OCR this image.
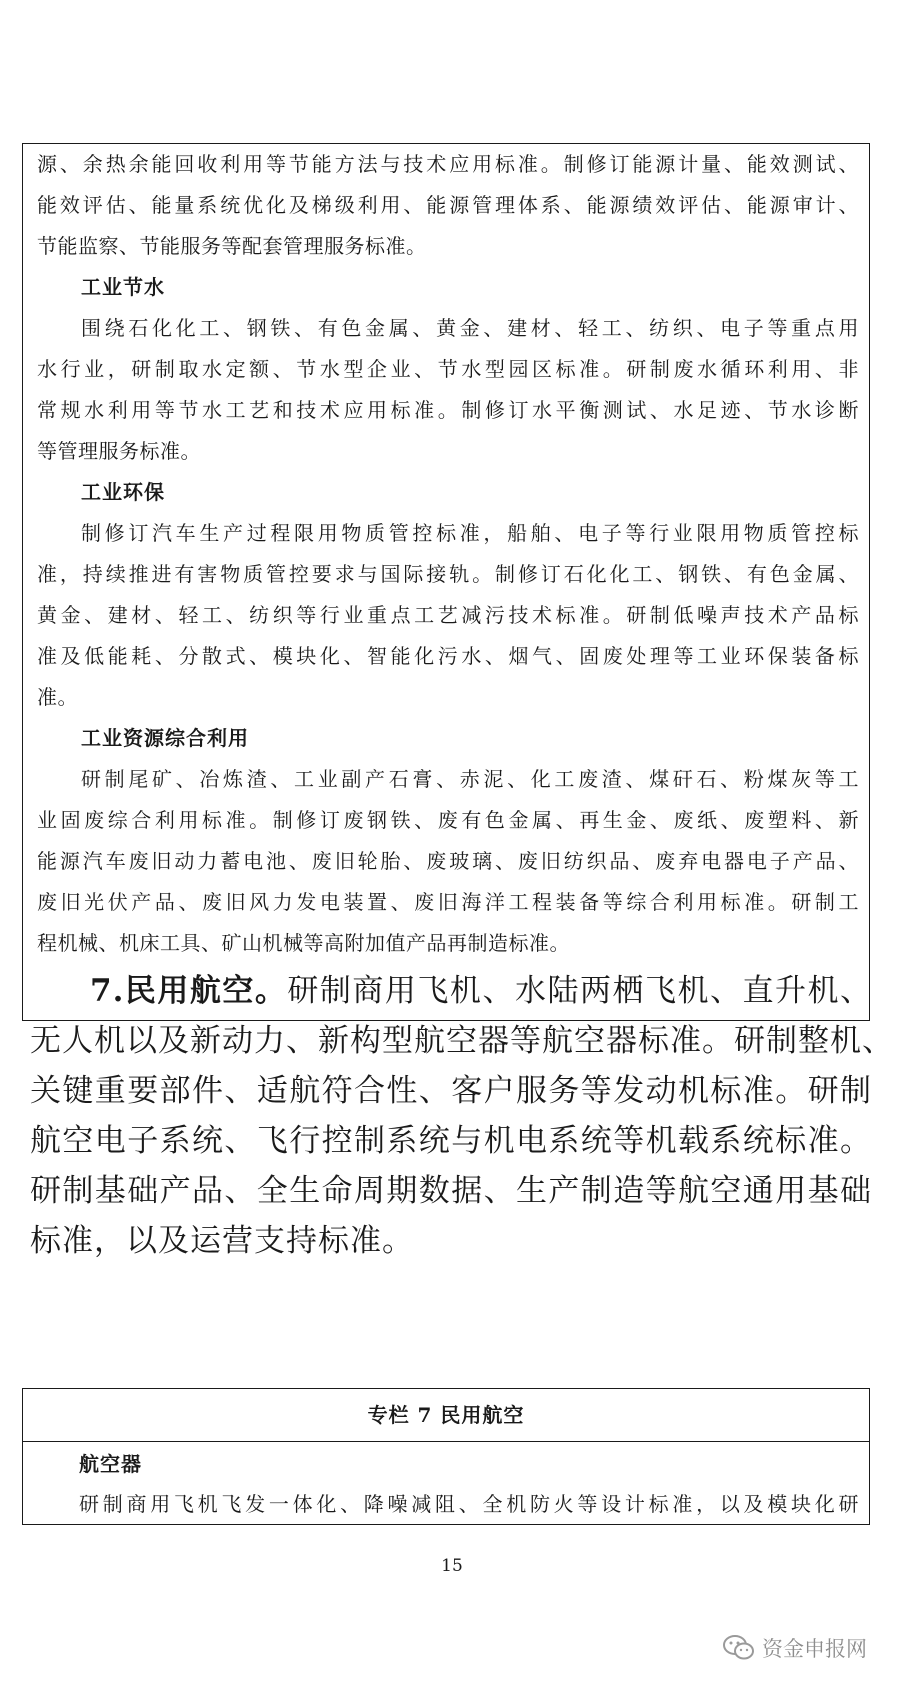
源、余热余能回收利用等节能方法与技术应用标准。制修订能源计量、能效测试、
能效评估、能量系统优化及梯级利用、能源管理体系、能源绩效评估、能源审计、
节能监察、节能服务等配套管理服务标准。
工业节水
围绕石化化工、钢铁、有色金属、黄金、建材、轻工、纺织、电子等重点用
水行业，研制取水定额、节水型企业、节水型园区标准。研制废水循环利用、非
常规水利用等节水工艺和技术应用标准。制修订水平衡测试、水足迹、节水诊断
等管理服务标准。
工业环保
制修订汽车生产过程限用物质管控标准，船舶、电子等行业限用物质管控标
准，持续推进有害物质管控要求与国际接轨。制修订石化化工、钢铁、有色金属、
黄金、建材、轻工、纺织等行业重点工艺减污技术标准。研制低噪声技术产品标
准及低能耗、分散式、模块化、智能化污水、烟气、固废处理等工业环保装备标
准。
工业资源综合利用
研制尾矿、冶炼渣、工业副产石膏、赤泥、化工废渣、煤矸石、粉煤灰等工
业固废综合利用标准。制修订废钢铁、废有色金属、再生金、废纸、废塑料、新
能源汽车废旧动力蓄电池、废旧轮胎、废玻璃、废旧纺织品、废弃电器电子产品、
废旧光伏产品、废旧风力发电装置、废旧海洋工程装备等综合利用标准。研制工
程机械、机床工具、矿山机械等高附加值产品再制造标准。
7.民用航空。研制商用飞机、水陆两栖飞机、直升机、
无人机以及新动力、新构型航空器等航空器标准。研制整机、
关键重要部件、适航符合性、客户服务等发动机标准。研制
航空电子系统、飞行控制系统与机电系统等机载系统标准。
研制基础产品、全生命周期数据、生产制造等航空通用基础
标准，以及运营支持标准。
专栏 7 民用航空
航空器
研制商用飞机飞发一体化、降噪减阻、全机防火等设计标准，以及模块化研
15
资金申报网
